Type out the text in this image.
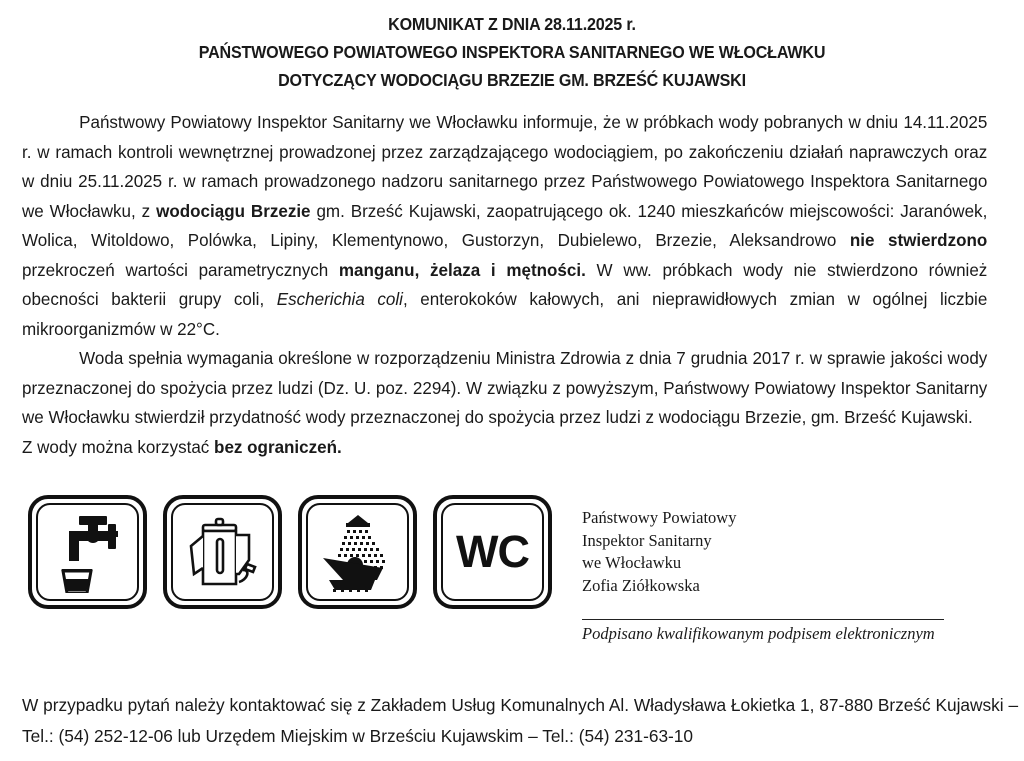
KOMUNIKAT Z DNIA 28.11.2025 r.
PAŃSTWOWEGO POWIATOWEGO INSPEKTORA SANITARNEGO WE WŁOCŁAWKU
DOTYCZĄCY WODOCIĄGU BRZEZIE GM. BRZEŚĆ KUJAWSKI

Państwowy Powiatowy Inspektor Sanitarny we Włocławku informuje, że w próbkach wody pobranych w dniu 14.11.2025 r. w ramach kontroli wewnętrznej prowadzonej przez zarządzającego wodociągiem, po zakończeniu działań naprawczych oraz w dniu 25.11.2025 r. w ramach prowadzonego nadzoru sanitarnego przez Państwowego Powiatowego Inspektora Sanitarnego we Włocławku, z wodociągu Brzezie gm. Brześć Kujawski, zaopatrującego ok. 1240 mieszkańców miejscowości: Jaranówek, Wolica, Witoldowo, Polówka, Lipiny, Klementynowo, Gustorzyn, Dubielewo, Brzezie, Aleksandrowo nie stwierdzono przekroczeń wartości parametrycznych manganu, żelaza i mętności. W ww. próbkach wody nie stwierdzono również obecności bakterii grupy coli, Escherichia coli, enterokoków kałowych, ani nieprawidłowych zmian w ogólnej liczbie mikroorganizmów w 22°C.

Woda spełnia wymagania określone w rozporządzeniu Ministra Zdrowia z dnia 7 grudnia 2017 r. w sprawie jakości wody przeznaczonej do spożycia przez ludzi (Dz. U. poz. 2294). W związku z powyższym, Państwowy Powiatowy Inspektor Sanitarny we Włocławku stwierdził przydatność wody przeznaczonej do spożycia przez ludzi z wodociągu Brzezie, gm. Brześć Kujawski.

Z wody można korzystać bez ograniczeń.

WC
Państwowy Powiatowy
Inspektor Sanitarny
we Włocławku
Zofia Ziółkowska
Podpisano kwalifikowanym podpisem elektronicznym
W przypadku pytań należy kontaktować się z Zakładem Usług Komunalnych Al. Władysława Łokietka 1, 87-880 Brześć Kujawski –
Tel.: (54) 252-12-06 lub Urzędem Miejskim w Brześciu Kujawskim – Tel.: (54) 231-63-10
